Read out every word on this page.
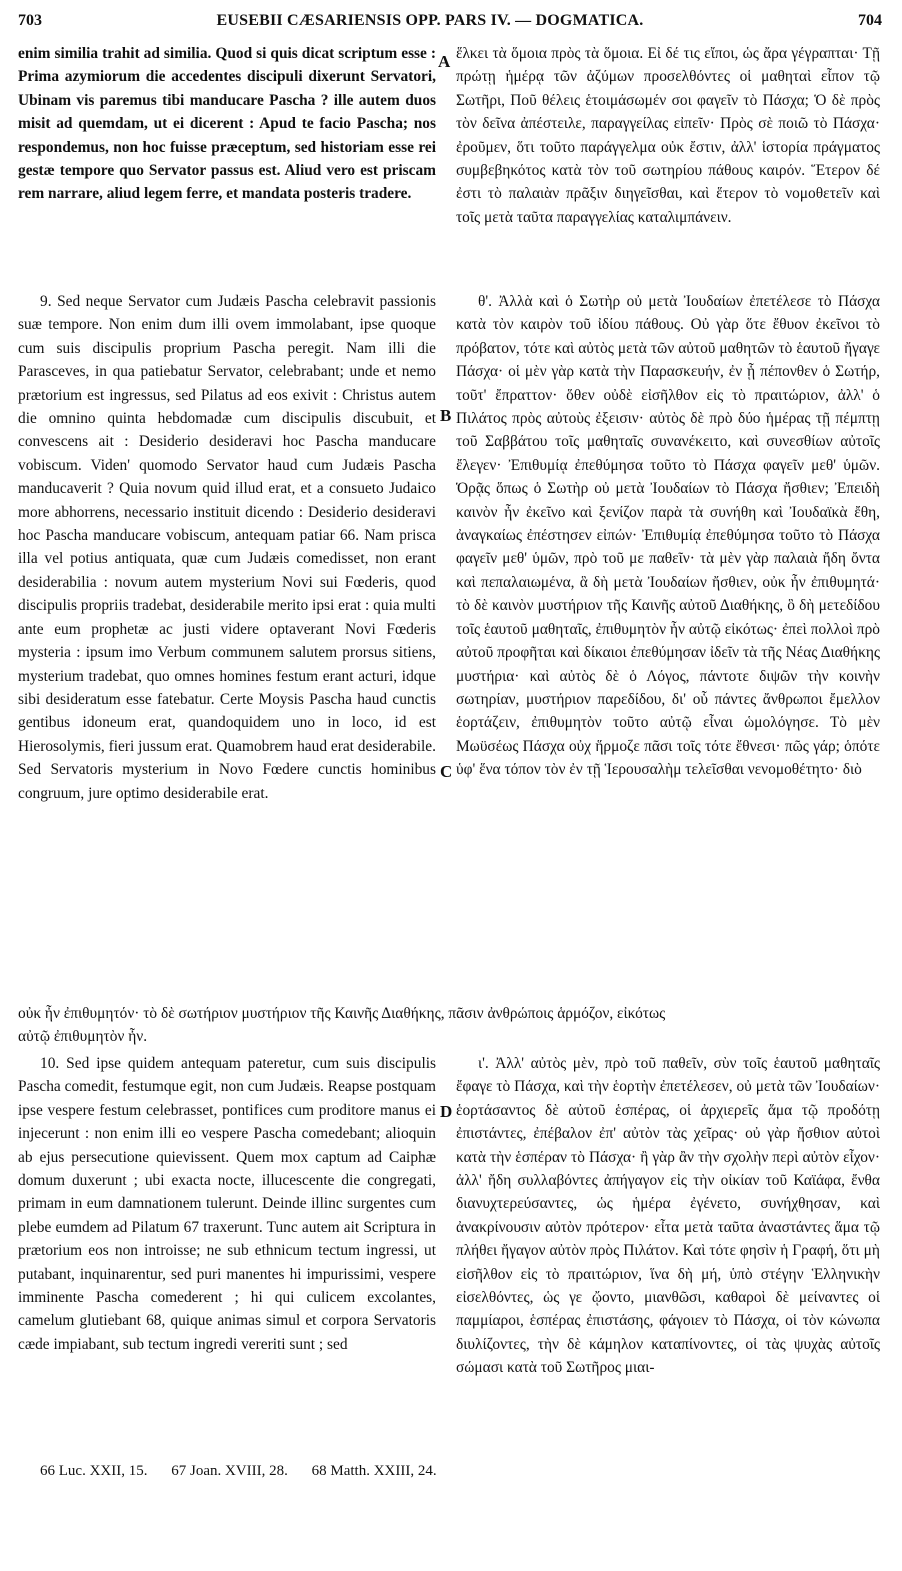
703	EUSEBII CÆSARIENSIS OPP. PARS IV. — DOGMATICA.	704

enim similia trahit ad similia. Quod si quis dicat scriptum esse : Prima azymiorum die accedentes discipuli dixerunt Servatori, Ubinam vis paremus tibi manducare Pascha ? ille autem duos misit ad quemdam, ut ei dicerent : Apud te facio Pascha; nos respondemus, non hoc fuisse præceptum, sed historiam esse rei gestæ tempore quo Servator passus est. Aliud vero est priscam rem narrare, aliud legem ferre, et mandata posteris tradere.

9. Sed neque Servator cum Judæis Pascha celebravit passionis suæ tempore. Non enim dum illi ovem immolabant, ipse quoque cum suis discipulis proprium Pascha peregit. Nam illi die Parasceves, in qua patiebatur Servator, celebrabant; unde et nemo prætorium est ingressus, sed Pilatus ad eos exivit : Christus autem die omnino quinta hebdomadæ cum discipulis discubuit, et convescens ait : Desiderio desideravi hoc Pascha manducare vobiscum. Viden' quomodo Servator haud cum Judæis Pascha manducaverit ? Quia novum quid illud erat, et a consueto Judaico more abhorrens, necessario instituit dicendo : Desiderio desideravi hoc Pascha manducare vobiscum, antequam patiar 66. Nam prisca illa vel potius antiquata, quæ cum Judæis comedisset, non erant desiderabilia : novum autem mysterium Novi sui Fœderis, quod discipulis propriis tradebat, desiderabile merito ipsi erat : quia multi ante eum prophetæ ac justi videre optaverant Novi Fœderis mysteria : ipsum imo Verbum communem salutem prorsus sitiens, mysterium tradebat, quo omnes homines festum erant acturi, idque sibi desideratum esse fatebatur. Certe Moysis Pascha haud cunctis gentibus idoneum erat, quandoquidem uno in loco, id est Hierosolymis, fieri jussum erat. Quamobrem haud erat desiderabile. Sed Servatoris mysterium in Novo Fœdere cunctis hominibus congruum, jure optimo desiderabile erat.

ἕλκει τὰ ὅμοια πρὸς τὰ ὅμοια. Εἰ δέ τις εἴποι, ὡς ἄρα γέγραπται· Τῇ πρώτῃ ἡμέρᾳ τῶν ἀζύμων προσελθόντες οἱ μαθηταὶ εἶπον τῷ Σωτῆρι, Ποῦ θέλεις ἑτοιμάσωμέν σοι φαγεῖν τὸ Πάσχα; Ὁ δὲ πρὸς τὸν δεῖνα ἀπέστειλε, παραγγείλας εἰπεῖν· Πρὸς σὲ ποιῶ τὸ Πάσχα· ἐροῦμεν, ὅτι τοῦτο παράγγελμα οὐκ ἔστιν, ἀλλ' ἱστορία πράγματος συμβεβηκότος κατὰ τὸν τοῦ σωτηρίου πάθους καιρόν. Ἕτερον δέ ἐστι τὸ παλαιὰν πρᾶξιν διηγεῖσθαι, καὶ ἕτερον τὸ νομοθετεῖν καὶ τοῖς μετὰ ταῦτα παραγγελίας καταλιμπάνειν.

θ'. Ἀλλὰ καὶ ὁ Σωτὴρ οὐ μετὰ Ἰουδαίων ἐπετέλεσε τὸ Πάσχα κατὰ τὸν καιρὸν τοῦ ἰδίου πάθους. Οὐ γὰρ ὅτε ἔθυον ἐκεῖνοι τὸ πρόβατον, τότε καὶ αὐτὸς μετὰ τῶν αὐτοῦ μαθητῶν τὸ ἑαυτοῦ ἤγαγε Πάσχα· οἱ μὲν γὰρ κατὰ τὴν Παρασκευήν, ἐν ᾗ πέπονθεν ὁ Σωτήρ, τοῦτ' ἔπραττον· ὅθεν οὐδὲ εἰσῆλθον εἰς τὸ πραιτώριον, ἀλλ' ὁ Πιλάτος πρὸς αὐτοὺς ἐξεισιν· αὐτὸς δὲ πρὸ δύο ἡμέρας τῇ πέμπτῃ τοῦ Σαββάτου τοῖς μαθηταῖς συνανέκειτο, καὶ συνεσθίων αὐτοῖς ἔλεγεν· Ἐπιθυμίᾳ ἐπεθύμησα τοῦτο τὸ Πάσχα φαγεῖν μεθ' ὑμῶν. Ὁρᾷς ὅπως ὁ Σωτὴρ οὐ μετὰ Ἰουδαίων τὸ Πάσχα ἤσθιεν; Ἐπειδὴ καινὸν ἦν ἐκεῖνο καὶ ξενίζον παρὰ τὰ συνήθη καὶ Ἰουδαϊκὰ ἔθη, ἀναγκαίως ἐπέστησεν εἰπών· Ἐπιθυμίᾳ ἐπεθύμησα τοῦτο τὸ Πάσχα φαγεῖν μεθ' ὑμῶν, πρὸ τοῦ με παθεῖν· τὰ μὲν γὰρ παλαιὰ ἤδη ὄντα καὶ πεπαλαιωμένα, ἃ δὴ μετὰ Ἰουδαίων ἤσθιεν, οὐκ ἦν ἐπιθυμητά· τὸ δὲ καινὸν μυστήριον τῆς Καινῆς αὐτοῦ Διαθήκης, ὃ δὴ μετεδίδου τοῖς ἑαυτοῦ μαθηταῖς, ἐπιθυμητὸν ἦν αὐτῷ εἰκότως· ἐπεὶ πολλοὶ πρὸ αὐτοῦ προφῆται καὶ δίκαιοι ἐπεθύμησαν ἰδεῖν τὰ τῆς Νέας Διαθήκης μυστήρια· καὶ αὐτὸς δὲ ὁ Λόγος, πάντοτε διψῶν τὴν κοινὴν σωτηρίαν, μυστήριον παρεδίδου, δι' οὗ πάντες ἄνθρωποι ἔμελλον ἑορτάζειν, ἐπιθυμητὸν τοῦτο αὐτῷ εἶναι ὡμολόγησε. Τὸ μὲν Μωϋσέως Πάσχα οὐχ ἥρμοζε πᾶσι τοῖς τότε ἔθνεσι· πῶς γάρ; ὁπότε ὑφ' ἕνα τόπον τὸν ἐν τῇ Ἱερουσαλὴμ τελεῖσθαι νενομοθέτητο· διὸ

A
B
C
D
οὐκ ἦν ἐπιθυμητόν· τὸ δὲ σωτήριον μυστήριον τῆς Καινῆς Διαθήκης, πᾶσιν ἀνθρώποις ἁρμόζον, εἰκότως
αὐτῷ ἐπιθυμητὸν ἦν.

10. Sed ipse quidem antequam pateretur, cum suis discipulis Pascha comedit, festumque egit, non cum Judæis. Reapse postquam ipse vespere festum celebrasset, pontifices cum proditore manus ei injecerunt : non enim illi eo vespere Pascha comedebant; alioquin ab ejus persecutione quievissent. Quem mox captum ad Caiphæ domum duxerunt ; ubi exacta nocte, illucescente die congregati, primam in eum damnationem tulerunt. Deinde illinc surgentes cum plebe eumdem ad Pilatum 67 traxerunt. Tunc autem ait Scriptura in prætorium eos non introisse; ne sub ethnicum tectum ingressi, ut putabant, inquinarentur, sed puri manentes hi impurissimi, vespere imminente Pascha comederent ; hi qui culicem excolantes, camelum glutiebant 68, quique animas simul et corpora Servatoris cæde impiabant, sub tectum ingredi vereriti sunt ; sed

ι'. Ἀλλ' αὐτὸς μὲν, πρὸ τοῦ παθεῖν, σὺν τοῖς ἑαυτοῦ μαθηταῖς ἔφαγε τὸ Πάσχα, καὶ τὴν ἑορτὴν ἐπετέλεσεν, οὐ μετὰ τῶν Ἰουδαίων· ἑορτάσαντος δὲ αὐτοῦ ἑσπέρας, οἱ ἀρχιερεῖς ἅμα τῷ προδότῃ ἐπιστάντες, ἐπέβαλον ἐπ' αὐτὸν τὰς χεῖρας· οὐ γὰρ ἤσθιον αὐτοὶ κατὰ τὴν ἑσπέραν τὸ Πάσχα· ἢ γὰρ ἂν τὴν σχολὴν περὶ αὐτὸν εἶχον· ἀλλ' ἤδη συλλαβόντες ἀπήγαγον εἰς τὴν οἰκίαν τοῦ Καϊάφα, ἔνθα διανυχτερεύσαντες, ὡς ἡμέρα ἐγένετο, συνήχθησαν, καὶ ἀνακρίνουσιν αὐτὸν πρότερον· εἶτα μετὰ ταῦτα ἀναστάντες ἅμα τῷ πλήθει ἤγαγον αὐτὸν πρὸς Πιλάτον. Καὶ τότε φησὶν ἡ Γραφή, ὅτι μὴ εἰσῆλθον εἰς τὸ πραιτώριον, ἵνα δὴ μή, ὑπὸ στέγην Ἑλληνικὴν εἰσελθόντες, ὡς γε ᾤοντο, μιανθῶσι, καθαροὶ δὲ μείναντες οἱ παμμίαροι, ἑσπέρας ἐπιστάσης, φάγοιεν τὸ Πάσχα, οἱ τὸν κώνωπα διυλίζοντες, τὴν δὲ κάμηλον καταπίνοντες, οἱ τὰς ψυχὰς αὐτοῖς σώμασι κατὰ τοῦ Σωτῆρος μιαι-

66 Luc. XXII, 15. 67 Joan. XVIII, 28. 68 Matth. XXIII, 24.
